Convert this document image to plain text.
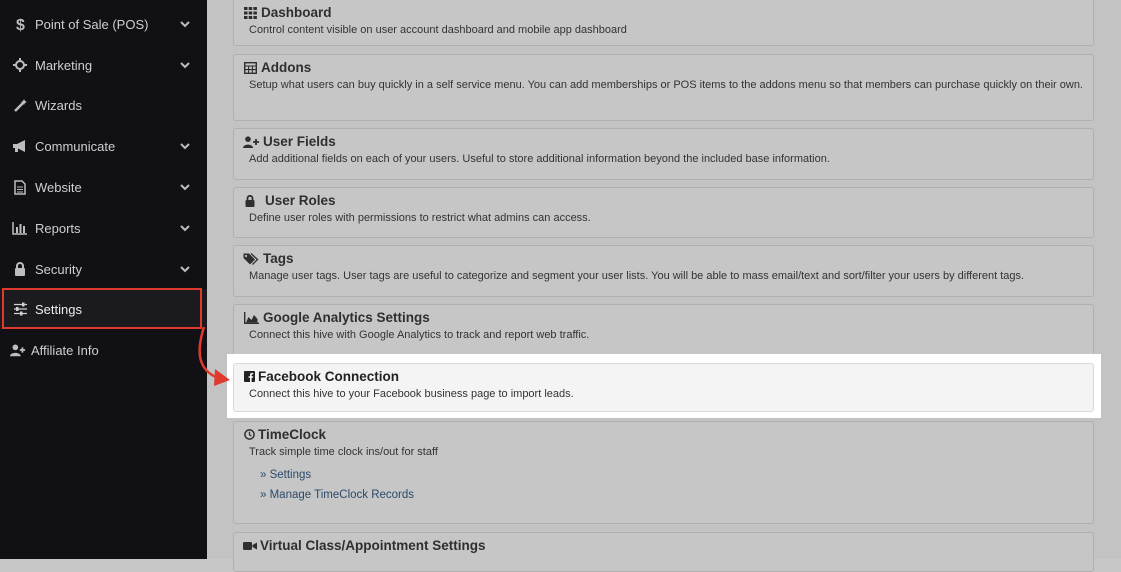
$ Point of Sale (POS)
Marketing
Wizards
Communicate
Website
Reports
Security
Settings
Affiliate Info
Dashboard
Control content visible on user account dashboard and mobile app dashboard
Addons
Setup what users can buy quickly in a self service menu. You can add memberships or POS items to the addons menu so that members can purchase quickly on their own.
User Fields
Add additional fields on each of your users. Useful to store additional information beyond the included base information.
User Roles
Define user roles with permissions to restrict what admins can access.
Tags
Manage user tags. User tags are useful to categorize and segment your user lists. You will be able to mass email/text and sort/filter your users by different tags.
Google Analytics Settings
Connect this hive with Google Analytics to track and report web traffic.
Facebook Connection
Connect this hive to your Facebook business page to import leads.
TimeClock
Track simple time clock ins/out for staff
» Settings
» Manage TimeClock Records
Virtual Class/Appointment Settings
